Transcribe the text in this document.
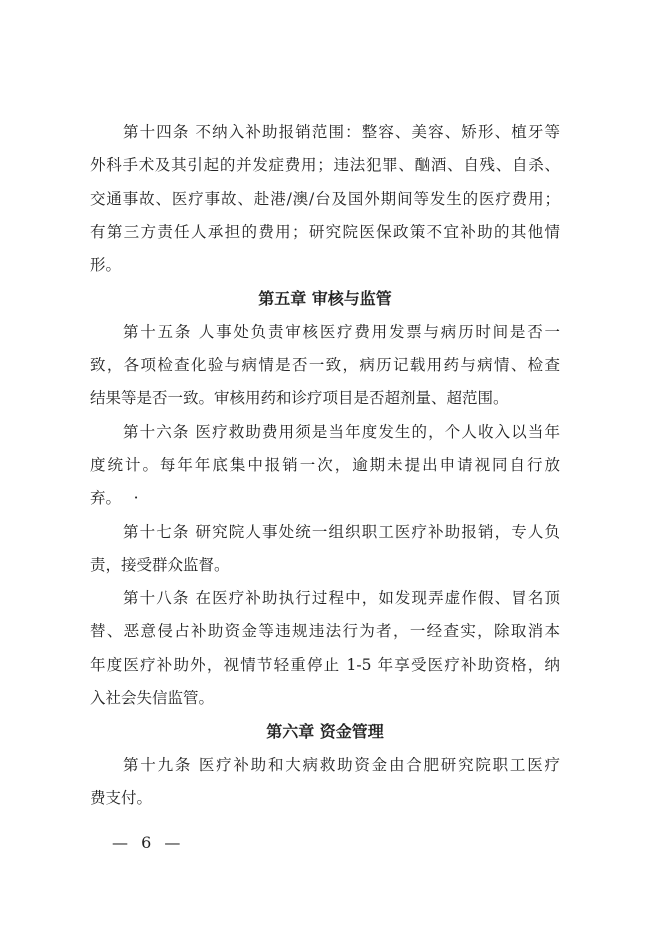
第十四条 不纳入补助报销范围：整容、美容、矫形、植牙等
外科手术及其引起的并发症费用；违法犯罪、酗酒、自残、自杀、
交通事故、医疗事故、赴港/澳/台及国外期间等发生的医疗费用；
有第三方责任人承担的费用；研究院医保政策不宜补助的其他情
形。
第五章 审核与监管
第十五条 人事处负责审核医疗费用发票与病历时间是否一
致，各项检查化验与病情是否一致，病历记载用药与病情、检查
结果等是否一致。审核用药和诊疗项目是否超剂量、超范围。
第十六条 医疗救助费用须是当年度发生的，个人收入以当年
度统计。每年年底集中报销一次，逾期未提出申请视同自行放
弃。　 ·
第十七条 研究院人事处统一组织职工医疗补助报销，专人负
责，接受群众监督。
第十八条 在医疗补助执行过程中，如发现弄虚作假、冒名顶
替、恶意侵占补助资金等违规违法行为者，一经查实，除取消本
年度医疗补助外，视情节轻重停止 1-5 年享受医疗补助资格，纳
入社会失信监管。
第六章 资金管理
第十九条 医疗补助和大病救助资金由合肥研究院职工医疗
费支付。
— 6 —
